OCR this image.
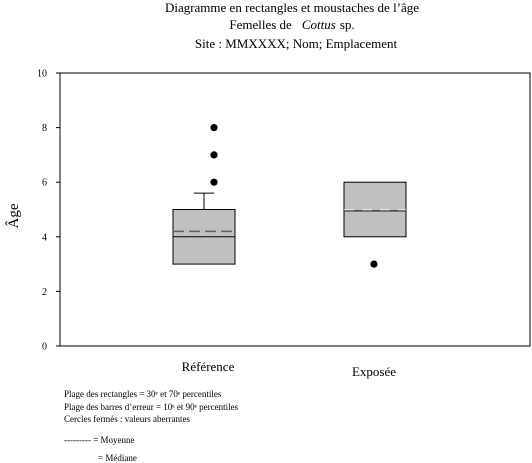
Diagramme en rectangles et moustaches de l’âge
Femelles de Cottus sp.
Site : MMXXXX; Nom; Emplacement
Âge
0
2
4
6
8
10
Référence	Exposée
Plage des rectangles = 30ᵉ et 70ᵉ percentiles
Plage des barres d’erreur = 10ᵉ et 90ᵉ percentiles
Cercles fermés : valeurs aberrantes
--------- = Moyenne
= Médiane
